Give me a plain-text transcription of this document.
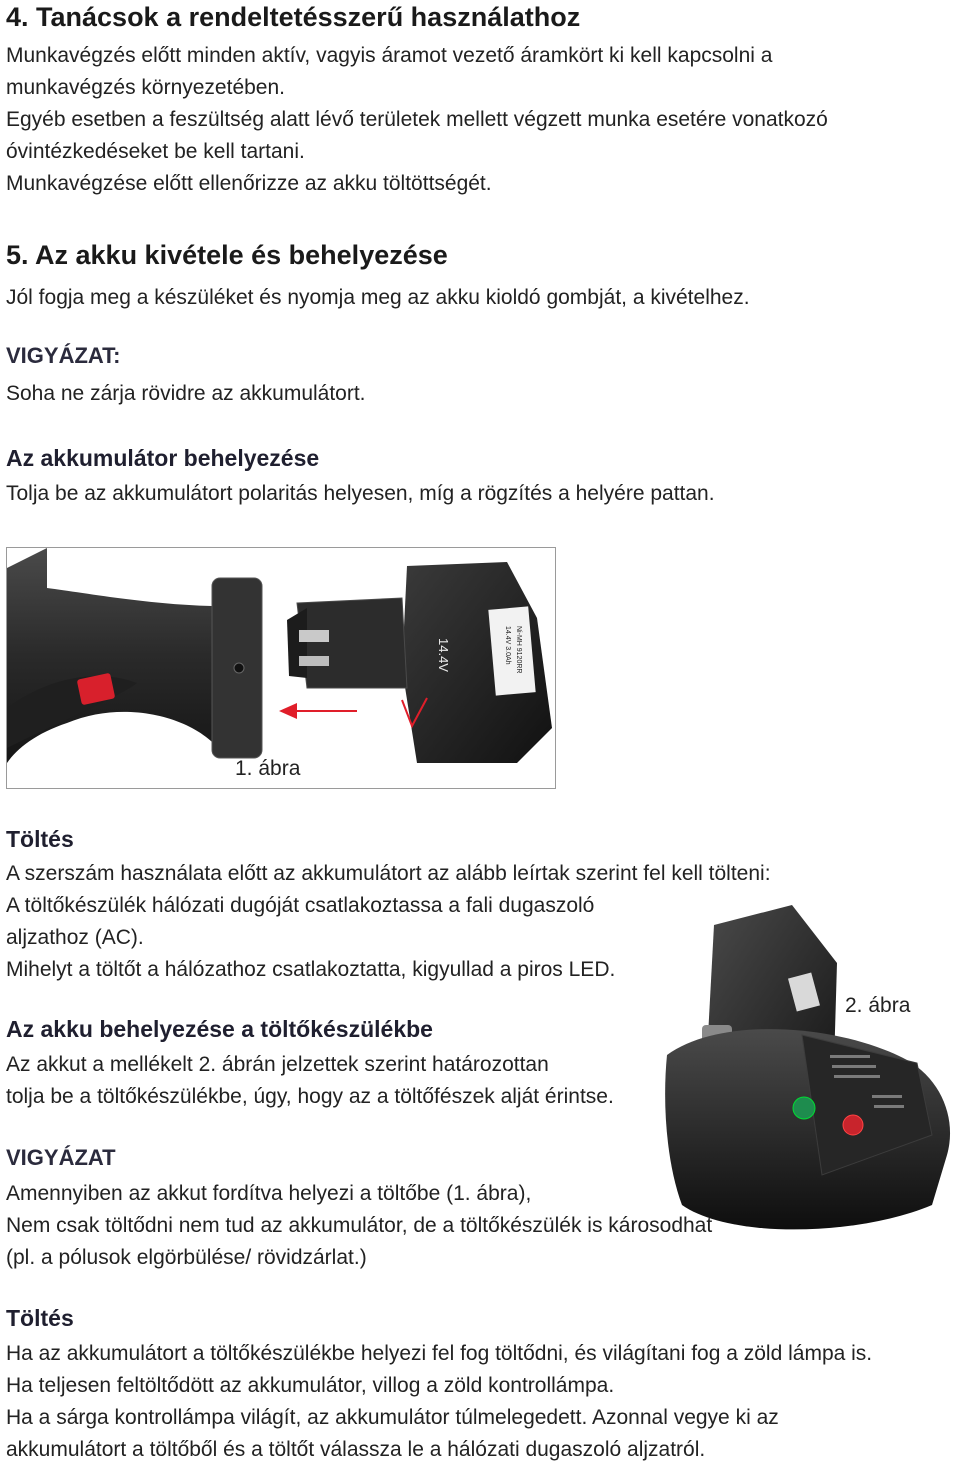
4. Tanácsok a rendeltetésszerű használathoz
Munkavégzés előtt minden aktív, vagyis áramot vezető áramkört ki kell kapcsolni a
munkavégzés környezetében.
Egyéb esetben a feszültség alatt lévő területek mellett végzett munka esetére vonatkozó
óvintézkedéseket be kell tartani.
Munkavégzése előtt ellenőrizze az akku töltöttségét.
5. Az akku kivétele és behelyezése

Jól fogja meg a készüléket és nyomja meg az akku kioldó gombját, a kivételhez.

VIGYÁZAT:

Soha ne zárja rövidre az akkumulátort.

Az akkumulátor behelyezése

Tolja be az akkumulátort polaritás helyesen, míg a rögzítés a helyére pattan.

14.4V	14.4V 3.0Ah Ni-MH 9120RR
1. ábra
Töltés
A szerszám használata előtt az akkumulátort az alább leírtak szerint fel kell tölteni:
A töltőkészülék hálózati dugóját csatlakoztassa a fali dugaszoló
aljzathoz (AC).
Mihelyt a töltőt a hálózathoz csatlakoztatta, kigyullad a piros LED.
2. ábra
Az akku behelyezése a töltőkészülékbe
Az akkut a mellékelt 2. ábrán jelzettek szerint határozottan
tolja be a töltőkészülékbe, úgy, hogy az a töltőfészek alját érintse.
VIGYÁZAT
Amennyiben az akkut fordítva helyezi a töltőbe (1. ábra),
Nem csak töltődni nem tud az akkumulátor, de a töltőkészülék is károsodhat
(pl. a pólusok elgörbülése/ rövidzárlat.)
Töltés
Ha az akkumulátort a töltőkészülékbe helyezi fel fog töltődni, és világítani fog a zöld lámpa is.
Ha teljesen feltöltődött az akkumulátor, villog a zöld kontrollámpa.
Ha a sárga kontrollámpa világít, az akkumulátor túlmelegedett. Azonnal vegye ki az
akkumulátort a töltőből és a töltőt válassza le a hálózati dugaszoló aljzatról.
